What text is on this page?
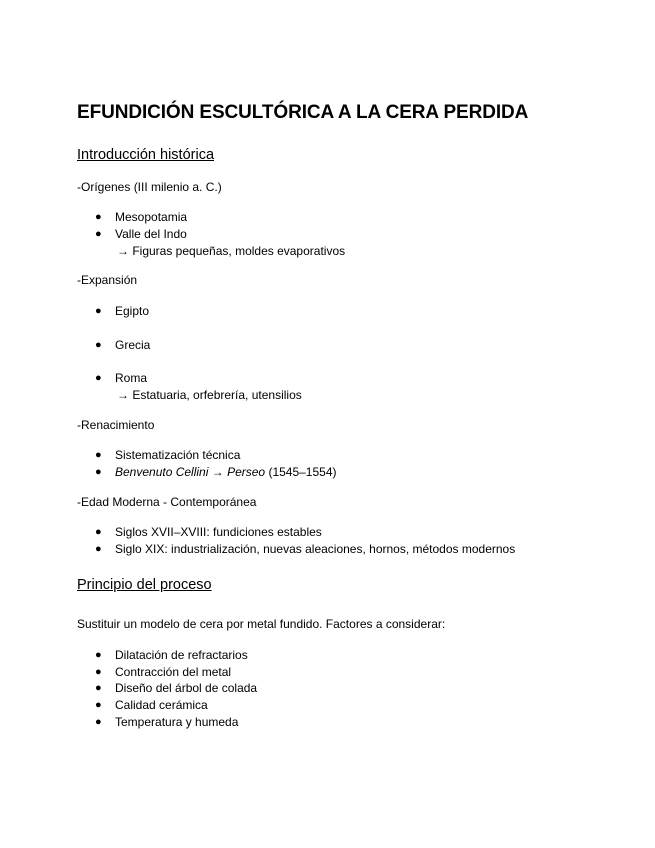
EFUNDICIÓN ESCULTÓRICA A LA CERA PERDIDA
Introducción histórica

-Orígenes (III milenio a. C.)

● Mesopotamia
● Valle del Indo
→ Figuras pequeñas, moldes evaporativos

-Expansión

● Egipto
● Grecia
● Roma
→ Estatuaria, orfebrería, utensilios

-Renacimiento

● Sistematización técnica
● Benvenuto Cellini → Perseo (1545–1554)

-Edad Moderna - Contemporánea

● Siglos XVII–XVIII: fundiciones estables
● Siglo XIX: industrialización, nuevas aleaciones, hornos, métodos modernos
Principio del proceso

Sustituir un modelo de cera por metal fundido. Factores a considerar:

● Dilatación de refractarios
● Contracción del metal
● Diseño del árbol de colada
● Calidad cerámica
● Temperatura y humeda
